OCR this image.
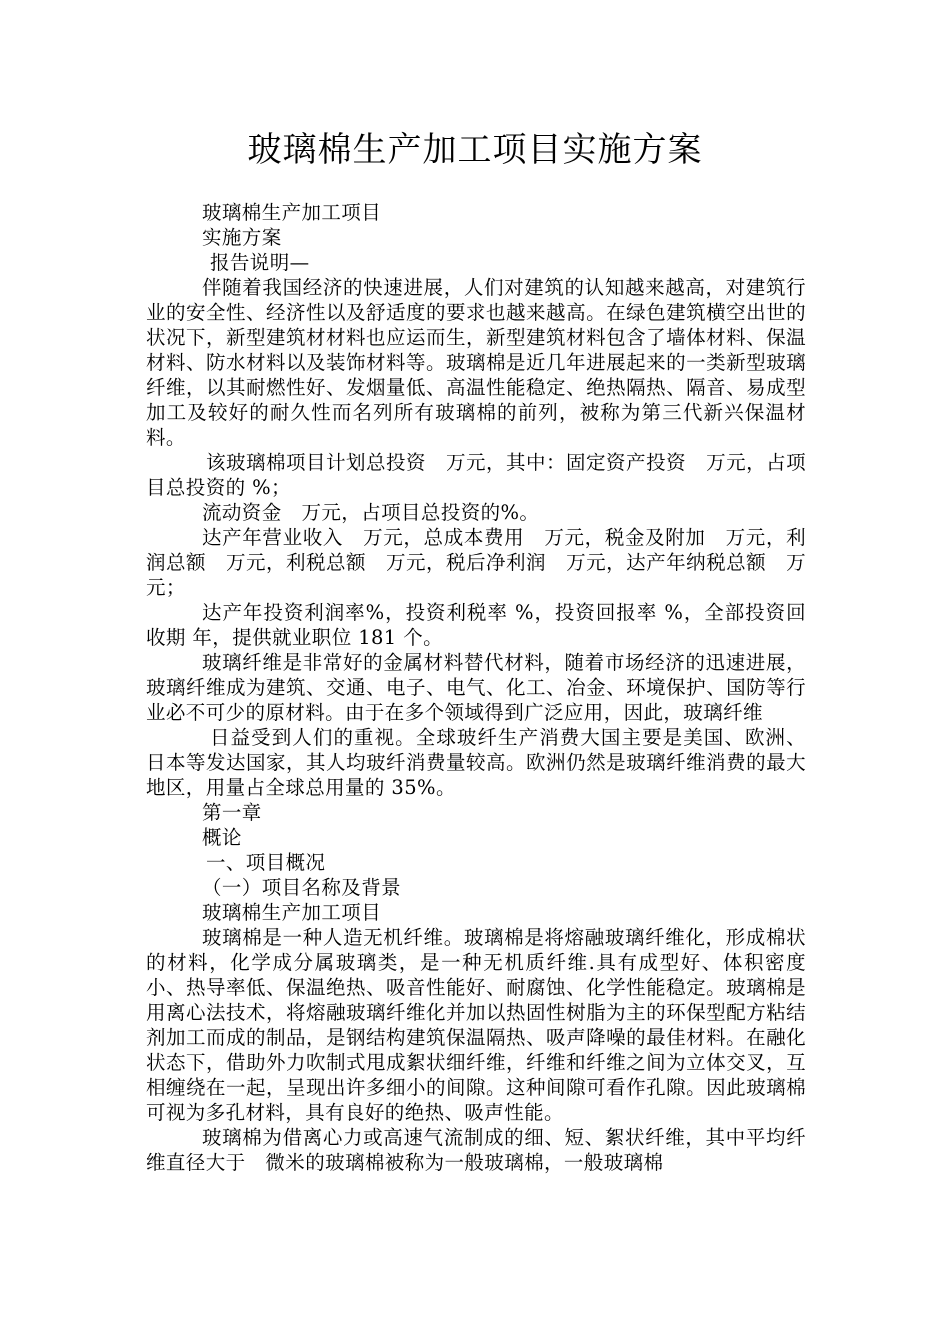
玻璃棉生产加工项目实施方案

玻璃棉生产加工项目

实施方案

报告说明—

伴随着我国经济的快速进展，人们对建筑的认知越来越高，对建筑行业的安全性、经济性以及舒适度的要求也越来越高。在绿色建筑横空出世的状况下，新型建筑材材料也应运而生，新型建筑材料包含了墙体材料、保温材料、防水材料以及装饰材料等。玻璃棉是近几年进展起来的一类新型玻璃纤维，以其耐燃性好、发烟量低、高温性能稳定、绝热隔热、隔音、易成型加工及较好的耐久性而名列所有玻璃棉的前列，被称为第三代新兴保温材料。

该玻璃棉项目计划总投资　万元，其中：固定资产投资　万元，占项目总投资的 %；

流动资金　万元，占项目总投资的%。

达产年营业收入　万元，总成本费用　万元，税金及附加　万元，利润总额　万元，利税总额　万元，税后净利润　万元，达产年纳税总额　万元；

达产年投资利润率%，投资利税率 %，投资回报率 %，全部投资回收期 年，提供就业职位 181 个。

玻璃纤维是非常好的金属材料替代材料，随着市场经济的迅速进展，玻璃纤维成为建筑、交通、电子、电气、化工、冶金、环境保护、国防等行业必不可少的原材料。由于在多个领域得到广泛应用，因此，玻璃纤维

日益受到人们的重视。全球玻纤生产消费大国主要是美国、欧洲、日本等发达国家，其人均玻纤消费量较高。欧洲仍然是玻璃纤维消费的最大地区，用量占全球总用量的 35%。

第一章

概论

一、项目概况

（一）项目名称及背景

玻璃棉生产加工项目

玻璃棉是一种人造无机纤维。玻璃棉是将熔融玻璃纤维化，形成棉状的材料，化学成分属玻璃类，是一种无机质纤维.具有成型好、体积密度小、热导率低、保温绝热、吸音性能好、耐腐蚀、化学性能稳定。玻璃棉是用离心法技术，将熔融玻璃纤维化并加以热固性树脂为主的环保型配方粘结剂加工而成的制品，是钢结构建筑保温隔热、吸声降噪的最佳材料。在融化状态下，借助外力吹制式甩成絮状细纤维，纤维和纤维之间为立体交叉，互相缠绕在一起，呈现出许多细小的间隙。这种间隙可看作孔隙。因此玻璃棉可视为多孔材料，具有良好的绝热、吸声性能。

玻璃棉为借离心力或高速气流制成的细、短、絮状纤维，其中平均纤维直径大于　微米的玻璃棉被称为一般玻璃棉，一般玻璃棉
